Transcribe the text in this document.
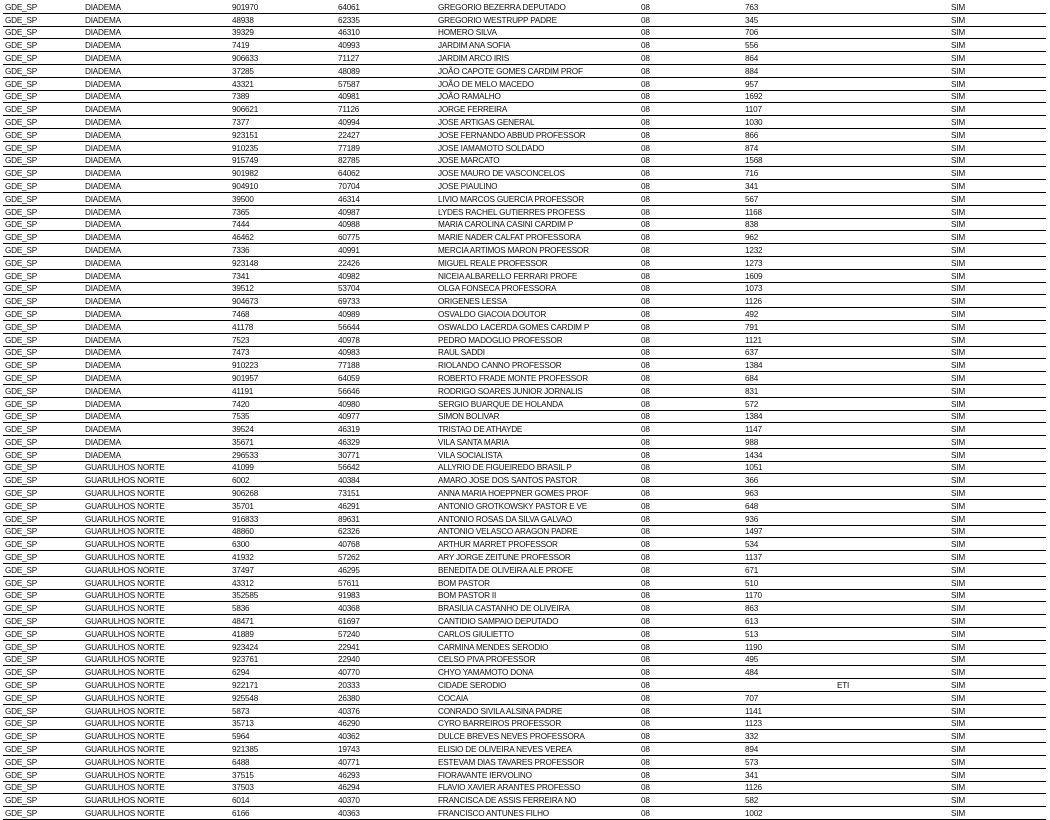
GDE_SP	DIADEMA	901970	64061	GREGORIO BEZERRA DEPUTADO	08	763		SIM
GDE_SP	DIADEMA	48938	62335	GREGORIO WESTRUPP PADRE	08	345		SIM
GDE_SP	DIADEMA	39329	46310	HOMERO SILVA	08	706		SIM
GDE_SP	DIADEMA	7419	40993	JARDIM ANA SOFIA	08	556		SIM
GDE_SP	DIADEMA	906633	71127	JARDIM ARCO IRIS	08	864		SIM
GDE_SP	DIADEMA	37285	48089	JOÃO CAPOTE GOMES CARDIM PROF	08	884		SIM
GDE_SP	DIADEMA	43321	57587	JOÃO DE MELO MACEDO	08	957		SIM
GDE_SP	DIADEMA	7389	40981	JOÃO RAMALHO	08	1692		SIM
GDE_SP	DIADEMA	906621	71126	JORGE FERREIRA	08	1107		SIM
GDE_SP	DIADEMA	7377	40994	JOSE ARTIGAS GENERAL	08	1030		SIM
GDE_SP	DIADEMA	923151	22427	JOSE FERNANDO ABBUD PROFESSOR	08	866		SIM
GDE_SP	DIADEMA	910235	77189	JOSE IAMAMOTO SOLDADO	08	874		SIM
GDE_SP	DIADEMA	915749	82785	JOSE MARCATO	08	1568		SIM
GDE_SP	DIADEMA	901982	64062	JOSE MAURO DE VASCONCELOS	08	716		SIM
GDE_SP	DIADEMA	904910	70704	JOSE PIAULINO	08	341		SIM
GDE_SP	DIADEMA	39500	46314	LIVIO MARCOS GUERCIA PROFESSOR	08	567		SIM
GDE_SP	DIADEMA	7365	40987	LYDES RACHEL GUTIERRES PROFESS	08	1168		SIM
GDE_SP	DIADEMA	7444	40988	MARIA CAROLINA CASINI CARDIM P	08	838		SIM
GDE_SP	DIADEMA	46462	60775	MARIE NADER CALFAT PROFESSORA	08	962		SIM
GDE_SP	DIADEMA	7336	40991	MERCIA ARTIMOS MARON PROFESSOR	08	1232		SIM
GDE_SP	DIADEMA	923148	22426	MIGUEL REALE PROFESSOR	08	1273		SIM
GDE_SP	DIADEMA	7341	40982	NICEIA ALBARELLO FERRARI PROFE	08	1609		SIM
GDE_SP	DIADEMA	39512	53704	OLGA FONSECA PROFESSORA	08	1073		SIM
GDE_SP	DIADEMA	904673	69733	ORIGENES LESSA	08	1126		SIM
GDE_SP	DIADEMA	7468	40989	OSVALDO GIACOIA DOUTOR	08	492		SIM
GDE_SP	DIADEMA	41178	56644	OSWALDO LACERDA GOMES CARDIM P	08	791		SIM
GDE_SP	DIADEMA	7523	40978	PEDRO MADOGLIO PROFESSOR	08	1121		SIM
GDE_SP	DIADEMA	7473	40983	RAUL SADDI	08	637		SIM
GDE_SP	DIADEMA	910223	77188	RIOLANDO CANNO PROFESSOR	08	1384		SIM
GDE_SP	DIADEMA	901957	64059	ROBERTO FRADE MONTE PROFESSOR	08	684		SIM
GDE_SP	DIADEMA	41191	56646	RODRIGO SOARES JUNIOR JORNALIS	08	831		SIM
GDE_SP	DIADEMA	7420	40980	SERGIO BUARQUE DE HOLANDA	08	572		SIM
GDE_SP	DIADEMA	7535	40977	SIMON BOLIVAR	08	1384		SIM
GDE_SP	DIADEMA	39524	46319	TRISTAO DE ATHAYDE	08	1147		SIM
GDE_SP	DIADEMA	35671	46329	VILA SANTA MARIA	08	988		SIM
GDE_SP	DIADEMA	296533	30771	VILA SOCIALISTA	08	1434		SIM
GDE_SP	GUARULHOS NORTE	41099	56642	ALLYRIO DE FIGUEIREDO BRASIL P	08	1051		SIM
GDE_SP	GUARULHOS NORTE	6002	40384	AMARO JOSE DOS SANTOS PASTOR	08	366		SIM
GDE_SP	GUARULHOS NORTE	906268	73151	ANNA MARIA HOEPPNER GOMES PROF	08	963		SIM
GDE_SP	GUARULHOS NORTE	35701	46291	ANTONIO GROTKOWSKY PASTOR E VE	08	648		SIM
GDE_SP	GUARULHOS NORTE	916833	89631	ANTONIO ROSAS DA SILVA GALVAO	08	936		SIM
GDE_SP	GUARULHOS NORTE	48860	62326	ANTONIO VELASCO ARAGON PADRE	08	1497		SIM
GDE_SP	GUARULHOS NORTE	6300	40768	ARTHUR MARRET PROFESSOR	08	534		SIM
GDE_SP	GUARULHOS NORTE	41932	57262	ARY JORGE ZEITUNE PROFESSOR	08	1137		SIM
GDE_SP	GUARULHOS NORTE	37497	46295	BENEDITA DE OLIVEIRA ALE PROFE	08	671		SIM
GDE_SP	GUARULHOS NORTE	43312	57611	BOM PASTOR	08	510		SIM
GDE_SP	GUARULHOS NORTE	352585	91983	BOM PASTOR II	08	1170		SIM
GDE_SP	GUARULHOS NORTE	5836	40368	BRASILIA CASTANHO DE OLIVEIRA	08	863		SIM
GDE_SP	GUARULHOS NORTE	48471	61697	CANTIDIO SAMPAIO DEPUTADO	08	613		SIM
GDE_SP	GUARULHOS NORTE	41889	57240	CARLOS GIULIETTO	08	513		SIM
GDE_SP	GUARULHOS NORTE	923424	22941	CARMINA MENDES SERODIO	08	1190		SIM
GDE_SP	GUARULHOS NORTE	923761	22940	CELSO PIVA PROFESSOR	08	495		SIM
GDE_SP	GUARULHOS NORTE	6294	40770	CHYO YAMAMOTO DONA	08	484		SIM
GDE_SP	GUARULHOS NORTE	922171	20333	CIDADE SERODIO	08		ETI	SIM
GDE_SP	GUARULHOS NORTE	925548	26380	COCAIA	08	707		SIM
GDE_SP	GUARULHOS NORTE	5873	40376	CONRADO SIVILA ALSINA PADRE	08	1141		SIM
GDE_SP	GUARULHOS NORTE	35713	46290	CYRO BARREIROS PROFESSOR	08	1123		SIM
GDE_SP	GUARULHOS NORTE	5964	40362	DULCE BREVES NEVES PROFESSORA	08	332		SIM
GDE_SP	GUARULHOS NORTE	921385	19743	ELISIO DE OLIVEIRA NEVES VEREA	08	894		SIM
GDE_SP	GUARULHOS NORTE	6488	40771	ESTEVAM DIAS TAVARES PROFESSOR	08	573		SIM
GDE_SP	GUARULHOS NORTE	37515	46293	FIORAVANTE IERVOLINO	08	341		SIM
GDE_SP	GUARULHOS NORTE	37503	46294	FLAVIO XAVIER ARANTES PROFESSO	08	1126		SIM
GDE_SP	GUARULHOS NORTE	6014	40370	FRANCISCA DE ASSIS FERREIRA NO	08	582		SIM
GDE_SP	GUARULHOS NORTE	6166	40363	FRANCISCO ANTUNES FILHO	08	1002		SIM
